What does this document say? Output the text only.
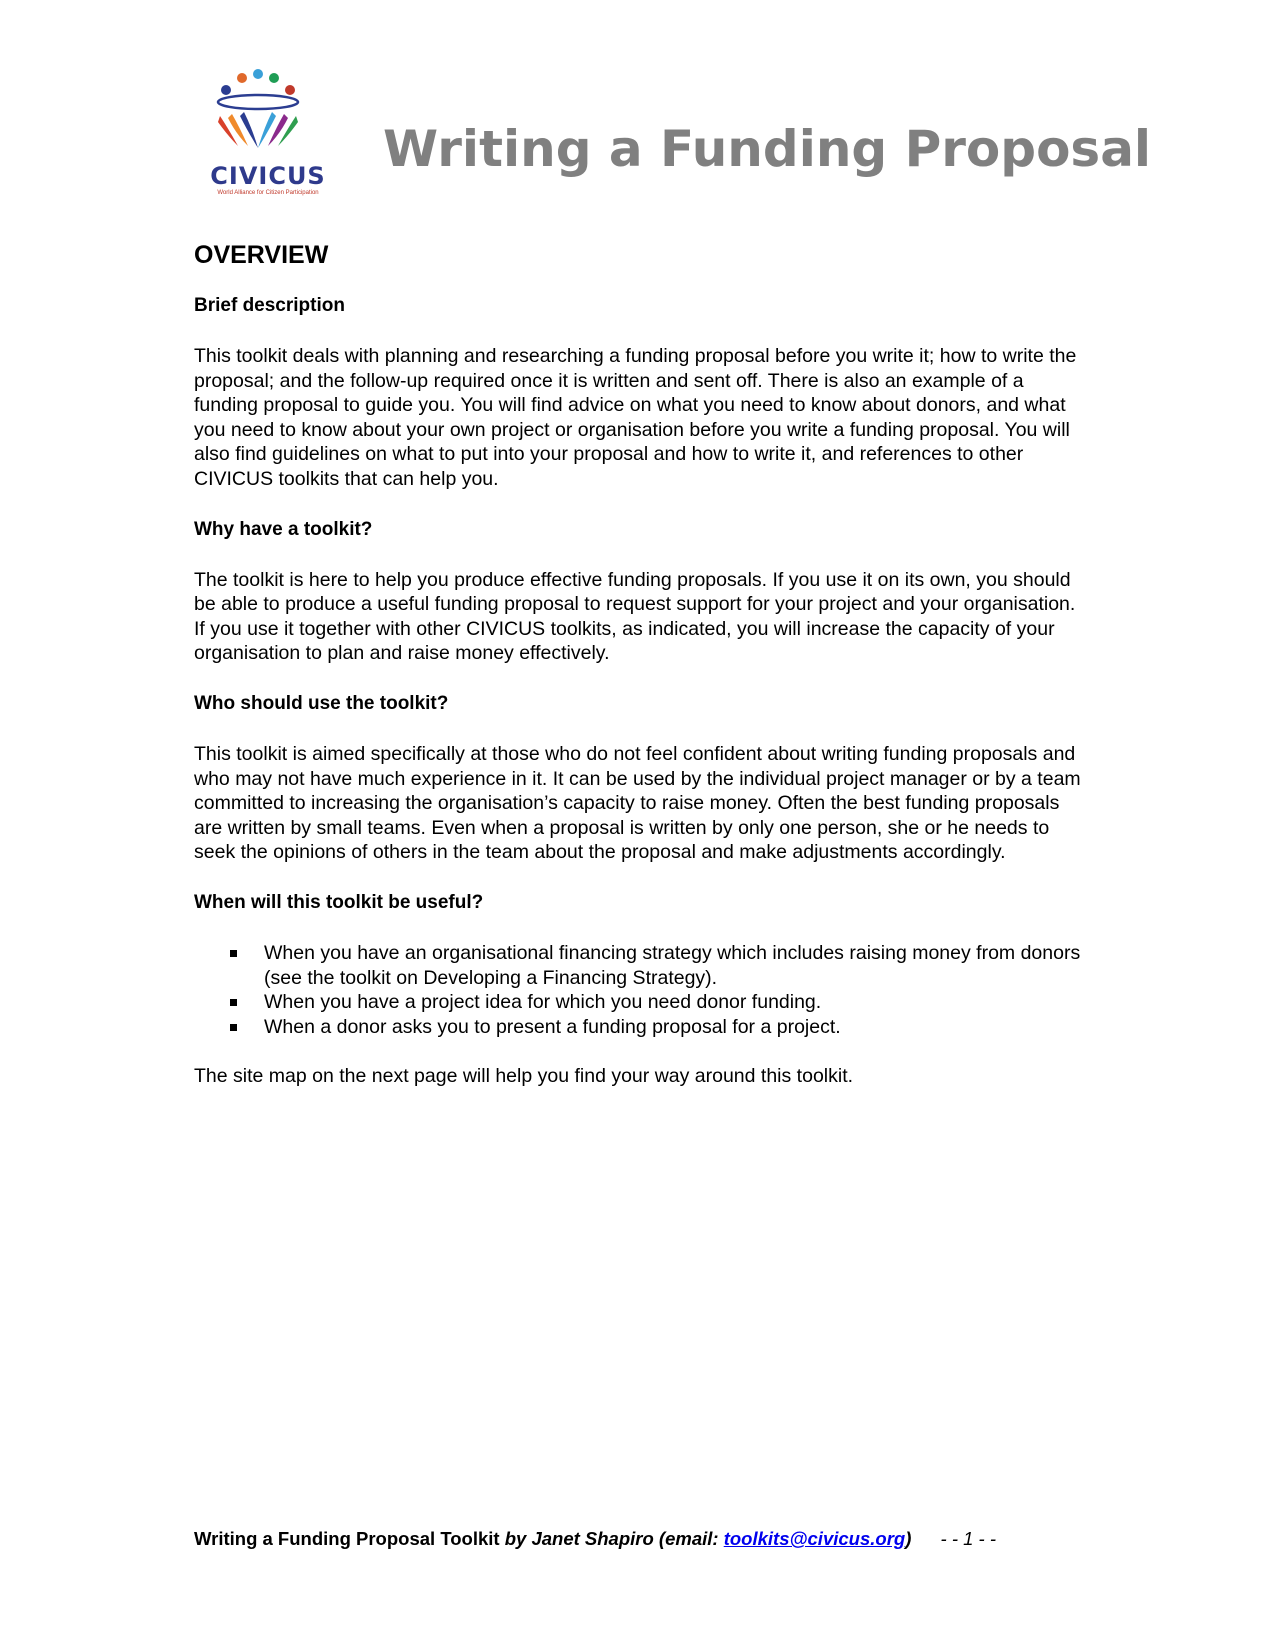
CIVICUS
World Alliance for Citizen Participation
Writing a Funding Proposal
OVERVIEW
Brief description

This toolkit deals with planning and researching a funding proposal before you write it; how to write the proposal; and the follow-up required once it is written and sent off. There is also an example of a funding proposal to guide you. You will find advice on what you need to know about donors, and what you need to know about your own project or organisation before you write a funding proposal. You will also find guidelines on what to put into your proposal and how to write it, and references to other CIVICUS toolkits that can help you.

Why have a toolkit?

The toolkit is here to help you produce effective funding proposals. If you use it on its own, you should be able to produce a useful funding proposal to request support for your project and your organisation. If you use it together with other CIVICUS toolkits, as indicated, you will increase the capacity of your organisation to plan and raise money effectively.

Who should use the toolkit?

This toolkit is aimed specifically at those who do not feel confident about writing funding proposals and who may not have much experience in it. It can be used by the individual project manager or by a team committed to increasing the organisation’s capacity to raise money. Often the best funding proposals are written by small teams. Even when a proposal is written by only one person, she or he needs to seek the opinions of others in the team about the proposal and make adjustments accordingly.

When will this toolkit be useful?
When you have an organisational financing strategy which includes raising money from donors (see the toolkit on Developing a Financing Strategy).
When you have a project idea for which you need donor funding.
When a donor asks you to present a funding proposal for a project.

The site map on the next page will help you find your way around this toolkit.

Writing a Funding Proposal Toolkit by Janet Shapiro (email: toolkits@civicus.org) - - 1 - -
